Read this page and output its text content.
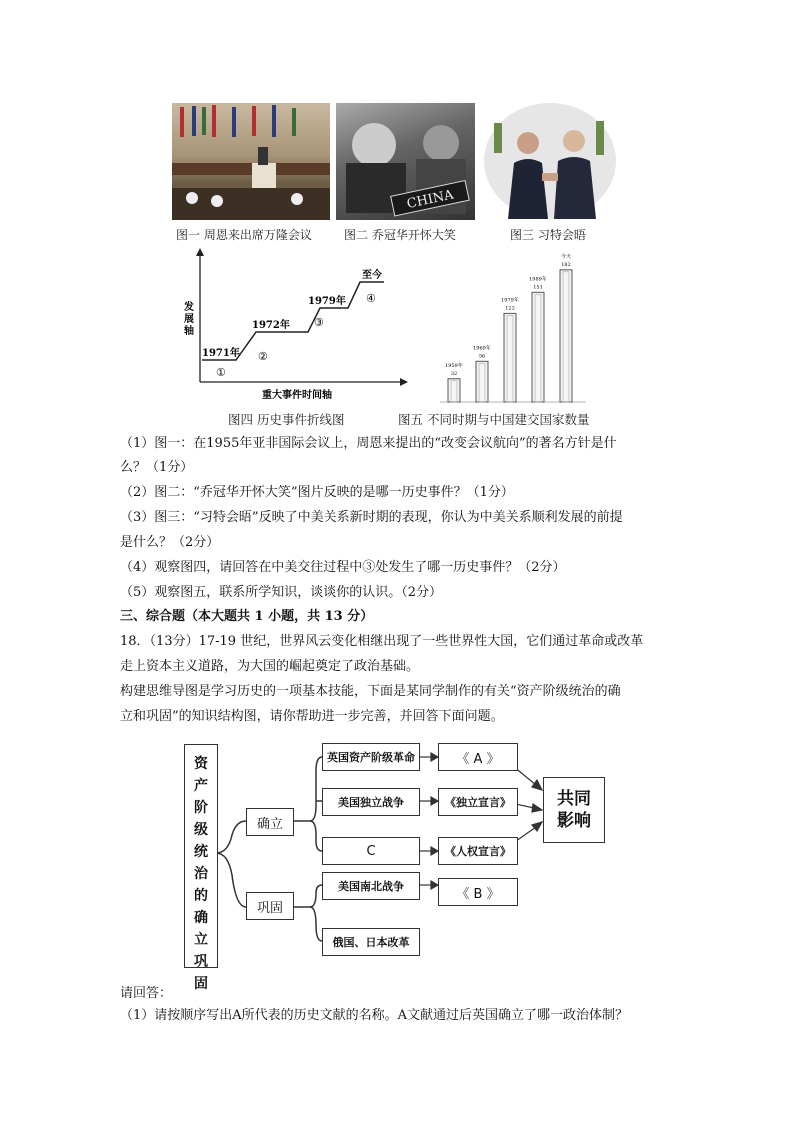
CHINA
图一 周恩来出席万隆会议	图二 乔冠华开怀大笑	图三 习特会晤
发 展 轴
重大事件时间轴
1971年
1972年
1979年
至今
①
②
③
④
1959年
32
1969年
56
1979年
122
1989年
151
今天
182
图四 历史事件折线图	图五 不同时期与中国建交国家数量
（1）图一：在1955年亚非国际会议上，周恩来提出的“改变会议航向”的著名方针是什
么？（1分）
（2）图二：“乔冠华开怀大笑”图片反映的是哪一历史事件？（1分）
（3）图三：“习特会晤”反映了中美关系新时期的表现，你认为中美关系顺利发展的前提
是什么？（2分）
（4）观察图四，请回答在中美交往过程中③处发生了哪一历史事件？（2分）
（5）观察图五，联系所学知识，谈谈你的认识。（2分）
三、综合题（本大题共 1 小题，共 13 分）
18．（13分）17-19 世纪，世界风云变化相继出现了一些世界性大国，它们通过革命或改革
走上资本主义道路，为大国的崛起奠定了政治基础。
构建思维导图是学习历史的一项基本技能，下面是某同学制作的有关“资产阶级统治的确
立和巩固”的知识结构图，请你帮助进一步完善，并回答下面问题。
资
产
阶
级
统
治
的
确
立
巩
固
确立
巩固
英国资产阶级革命
美国独立战争
C
美国南北战争
俄国、日本改革
《 A 》
《独立宣言》
《人权宣言》
《 B 》
共同影响
请回答：
（1）请按顺序写出A所代表的历史文献的名称。A文献通过后英国确立了哪一政治体制？
